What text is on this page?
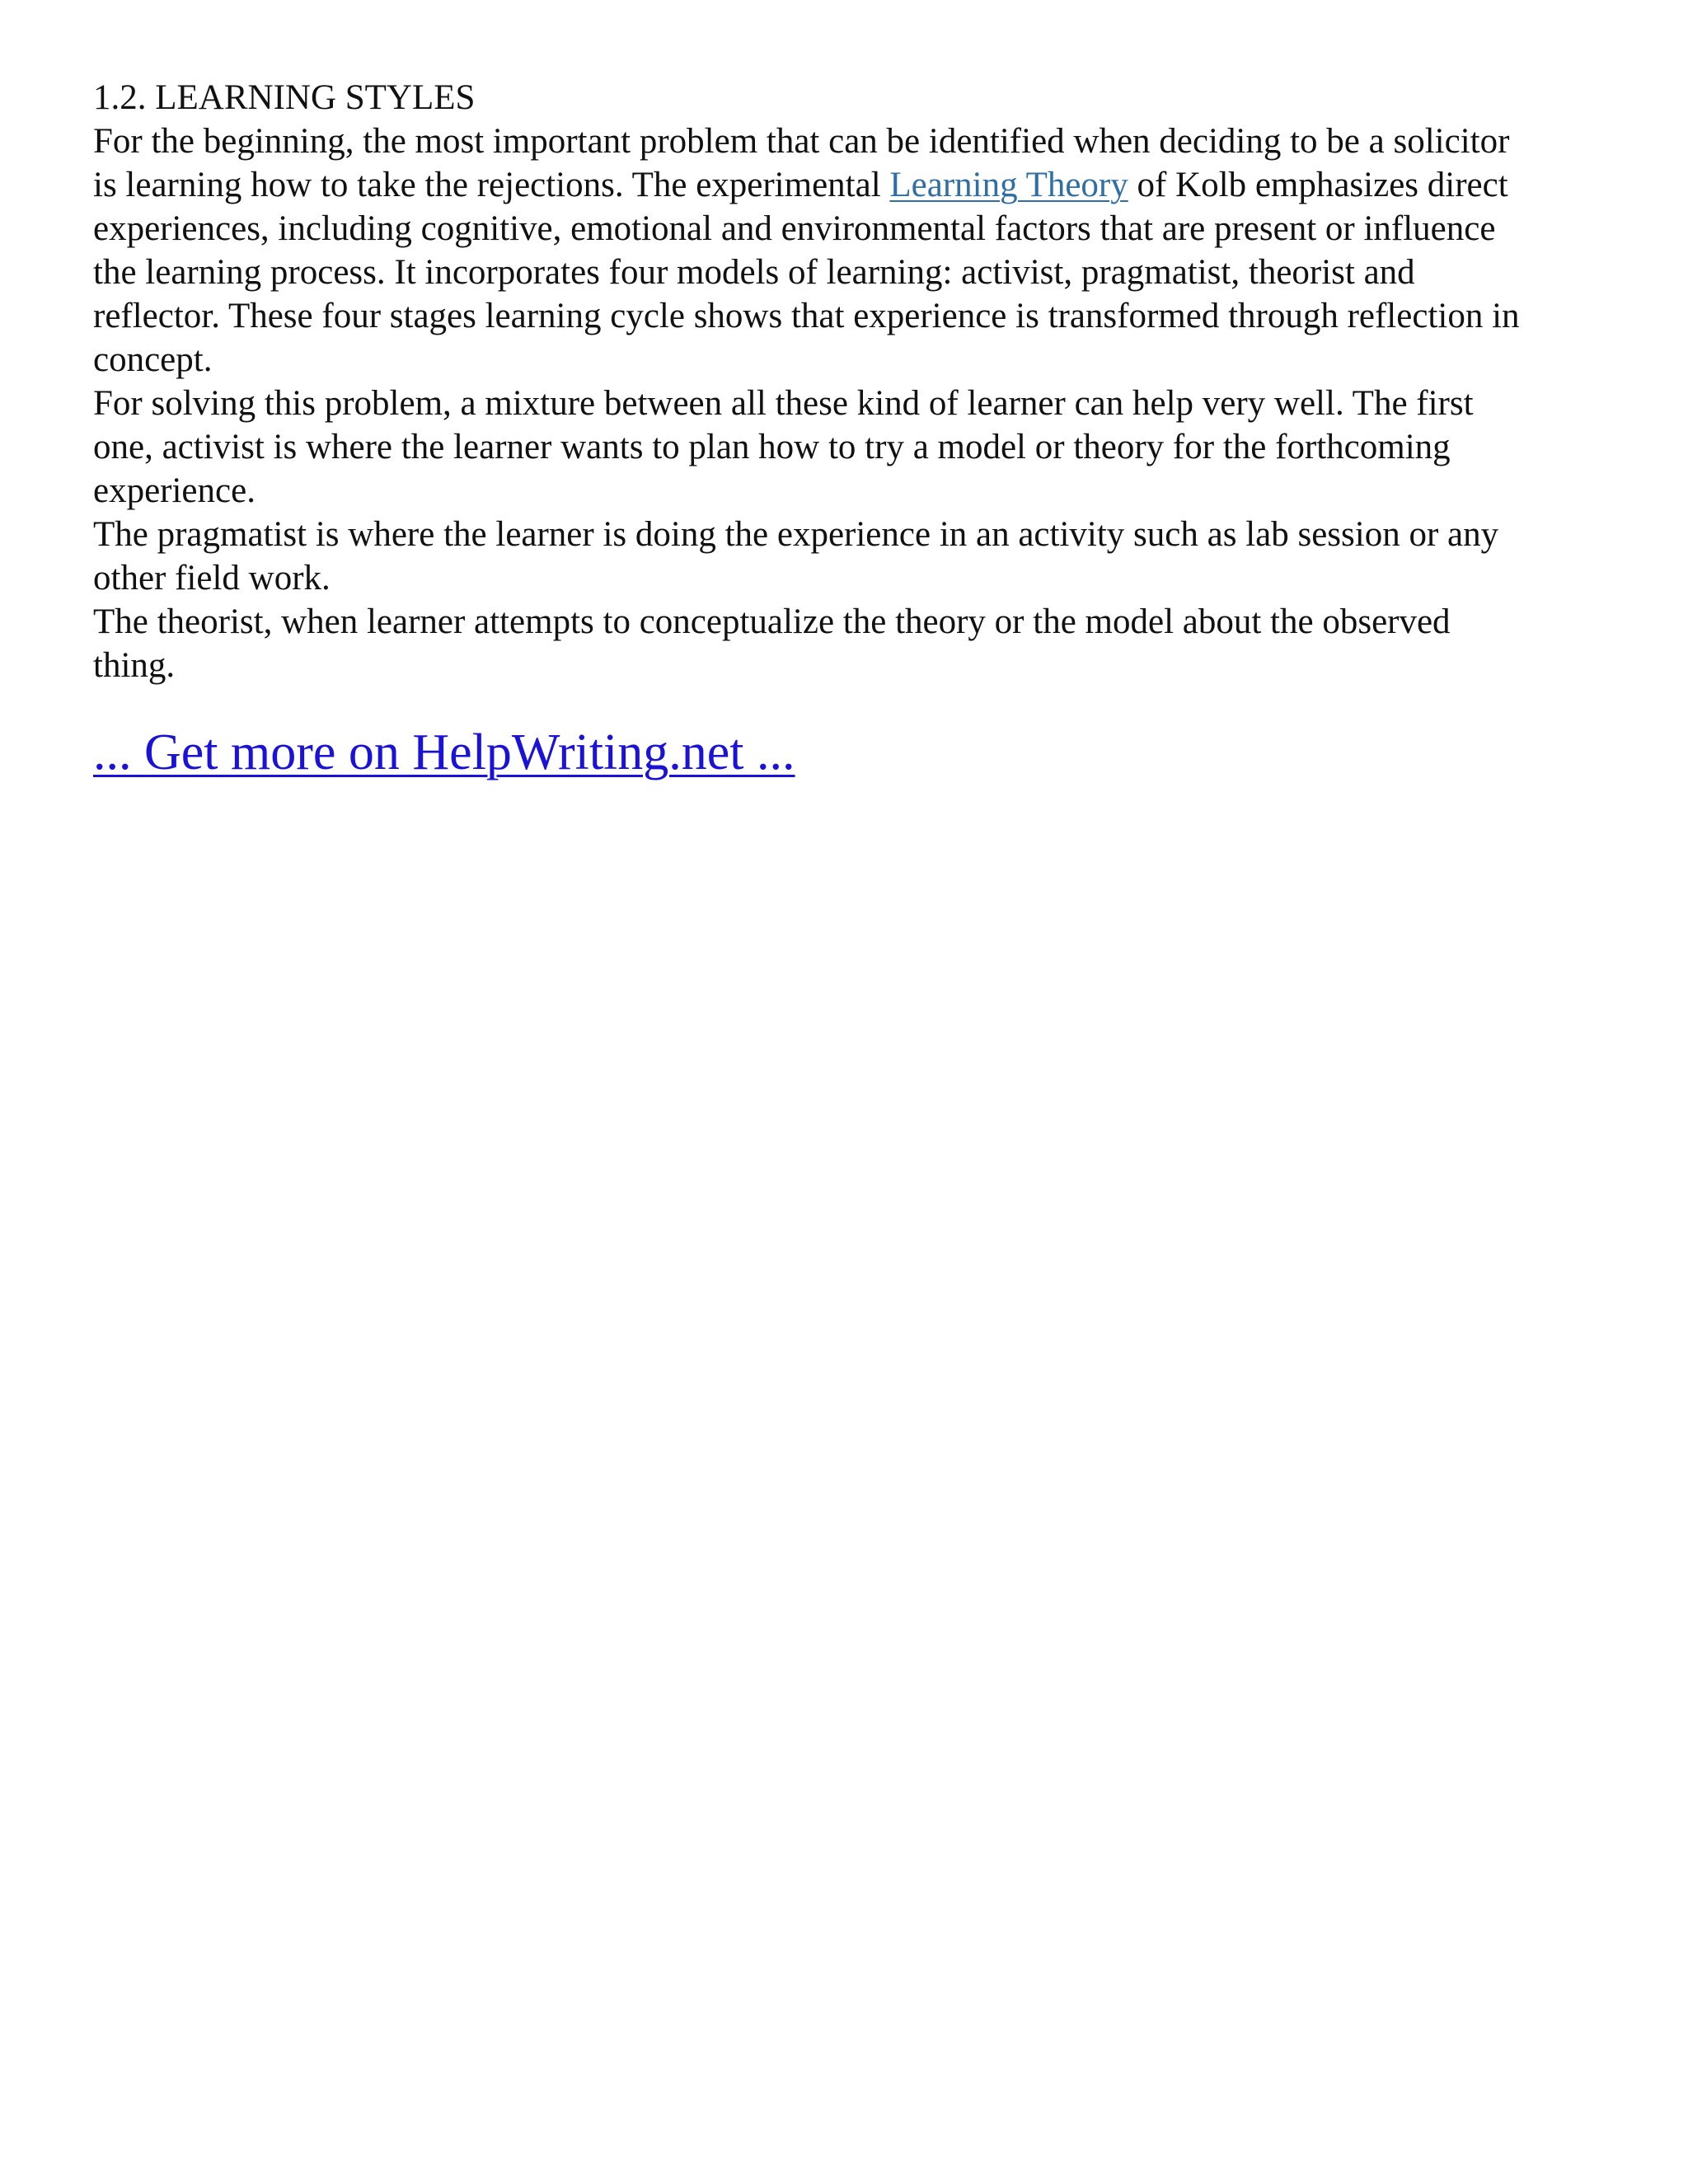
1.2. LEARNING STYLES
For the beginning, the most important problem that can be identified when deciding to be a solicitor
is learning how to take the rejections. The experimental Learning Theory of Kolb emphasizes direct
experiences, including cognitive, emotional and environmental factors that are present or influence
the learning process. It incorporates four models of learning: activist, pragmatist, theorist and
reflector. These four stages learning cycle shows that experience is transformed through reflection in
concept.
For solving this problem, a mixture between all these kind of learner can help very well. The first
one, activist is where the learner wants to plan how to try a model or theory for the forthcoming
experience.
The pragmatist is where the learner is doing the experience in an activity such as lab session or any
other field work.
The theorist, when learner attempts to conceptualize the theory or the model about the observed
thing.
... Get more on HelpWriting.net ...
